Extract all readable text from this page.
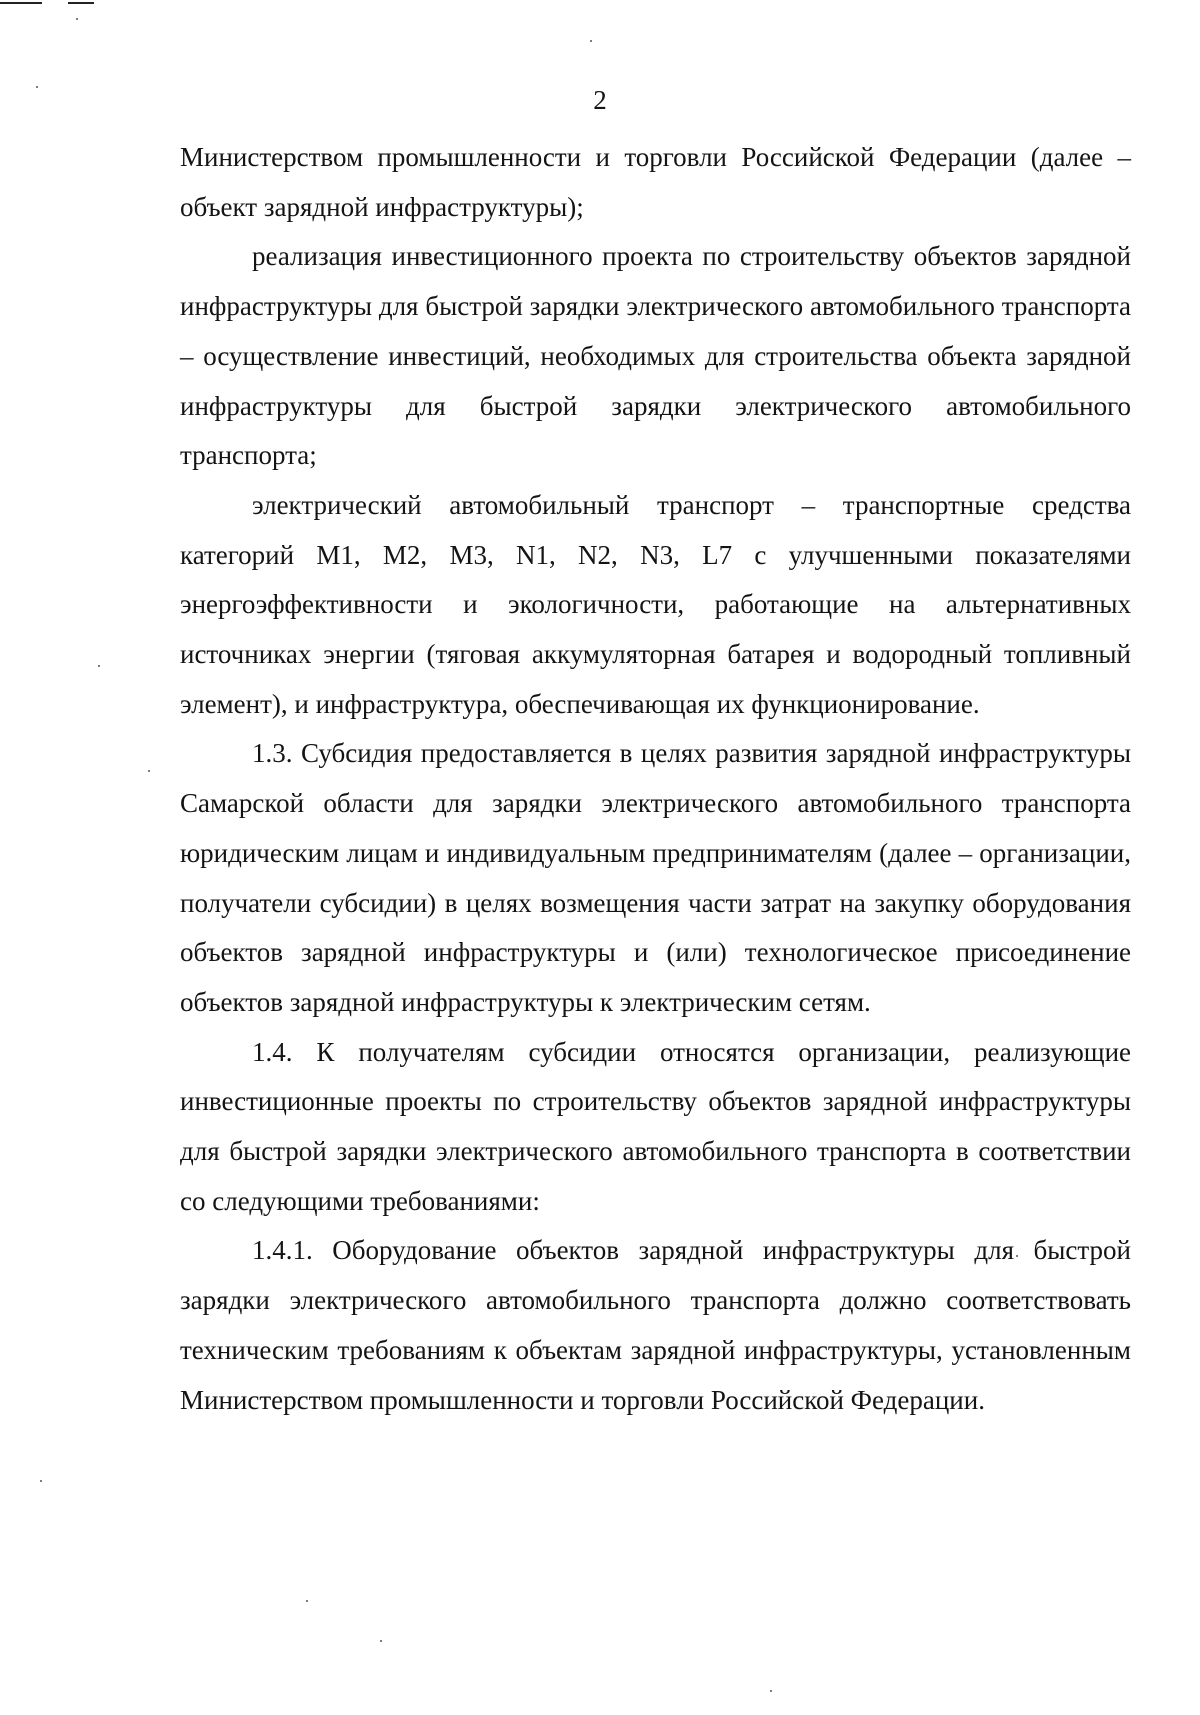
2

Министерством промышленности и торговли Российской Федерации (далее – объект зарядной инфраструктуры);

реализация инвестиционного проекта по строительству объектов зарядной инфраструктуры для быстрой зарядки электрического автомобильного транспорта – осуществление инвестиций, необходимых для строительства объекта зарядной инфраструктуры для быстрой зарядки электрического автомобильного транспорта;

электрический автомобильный транспорт – транспортные средства категорий M1, M2, M3, N1, N2, N3, L7 с улучшенными показателями энергоэффективности и экологичности, работающие на альтернативных источниках энергии (тяговая аккумуляторная батарея и водородный топливный элемент), и инфраструктура, обеспечивающая их функционирование.

1.3. Субсидия предоставляется в целях развития зарядной инфраструктуры Самарской области для зарядки электрического автомобильного транспорта юридическим лицам и индивидуальным предпринимателям (далее – организации, получатели субсидии) в целях возмещения части затрат на закупку оборудования объектов зарядной инфраструктуры и (или) технологическое присоединение объектов зарядной инфраструктуры к электрическим сетям.

1.4. К получателям субсидии относятся организации, реализующие инвестиционные проекты по строительству объектов зарядной инфраструктуры для быстрой зарядки электрического автомобильного транспорта в соответствии со следующими требованиями:

1.4.1. Оборудование объектов зарядной инфраструктуры для быстрой зарядки электрического автомобильного транспорта должно соответствовать техническим требованиям к объектам зарядной инфраструктуры, установленным Министерством промышленности и торговли Российской Федерации.
